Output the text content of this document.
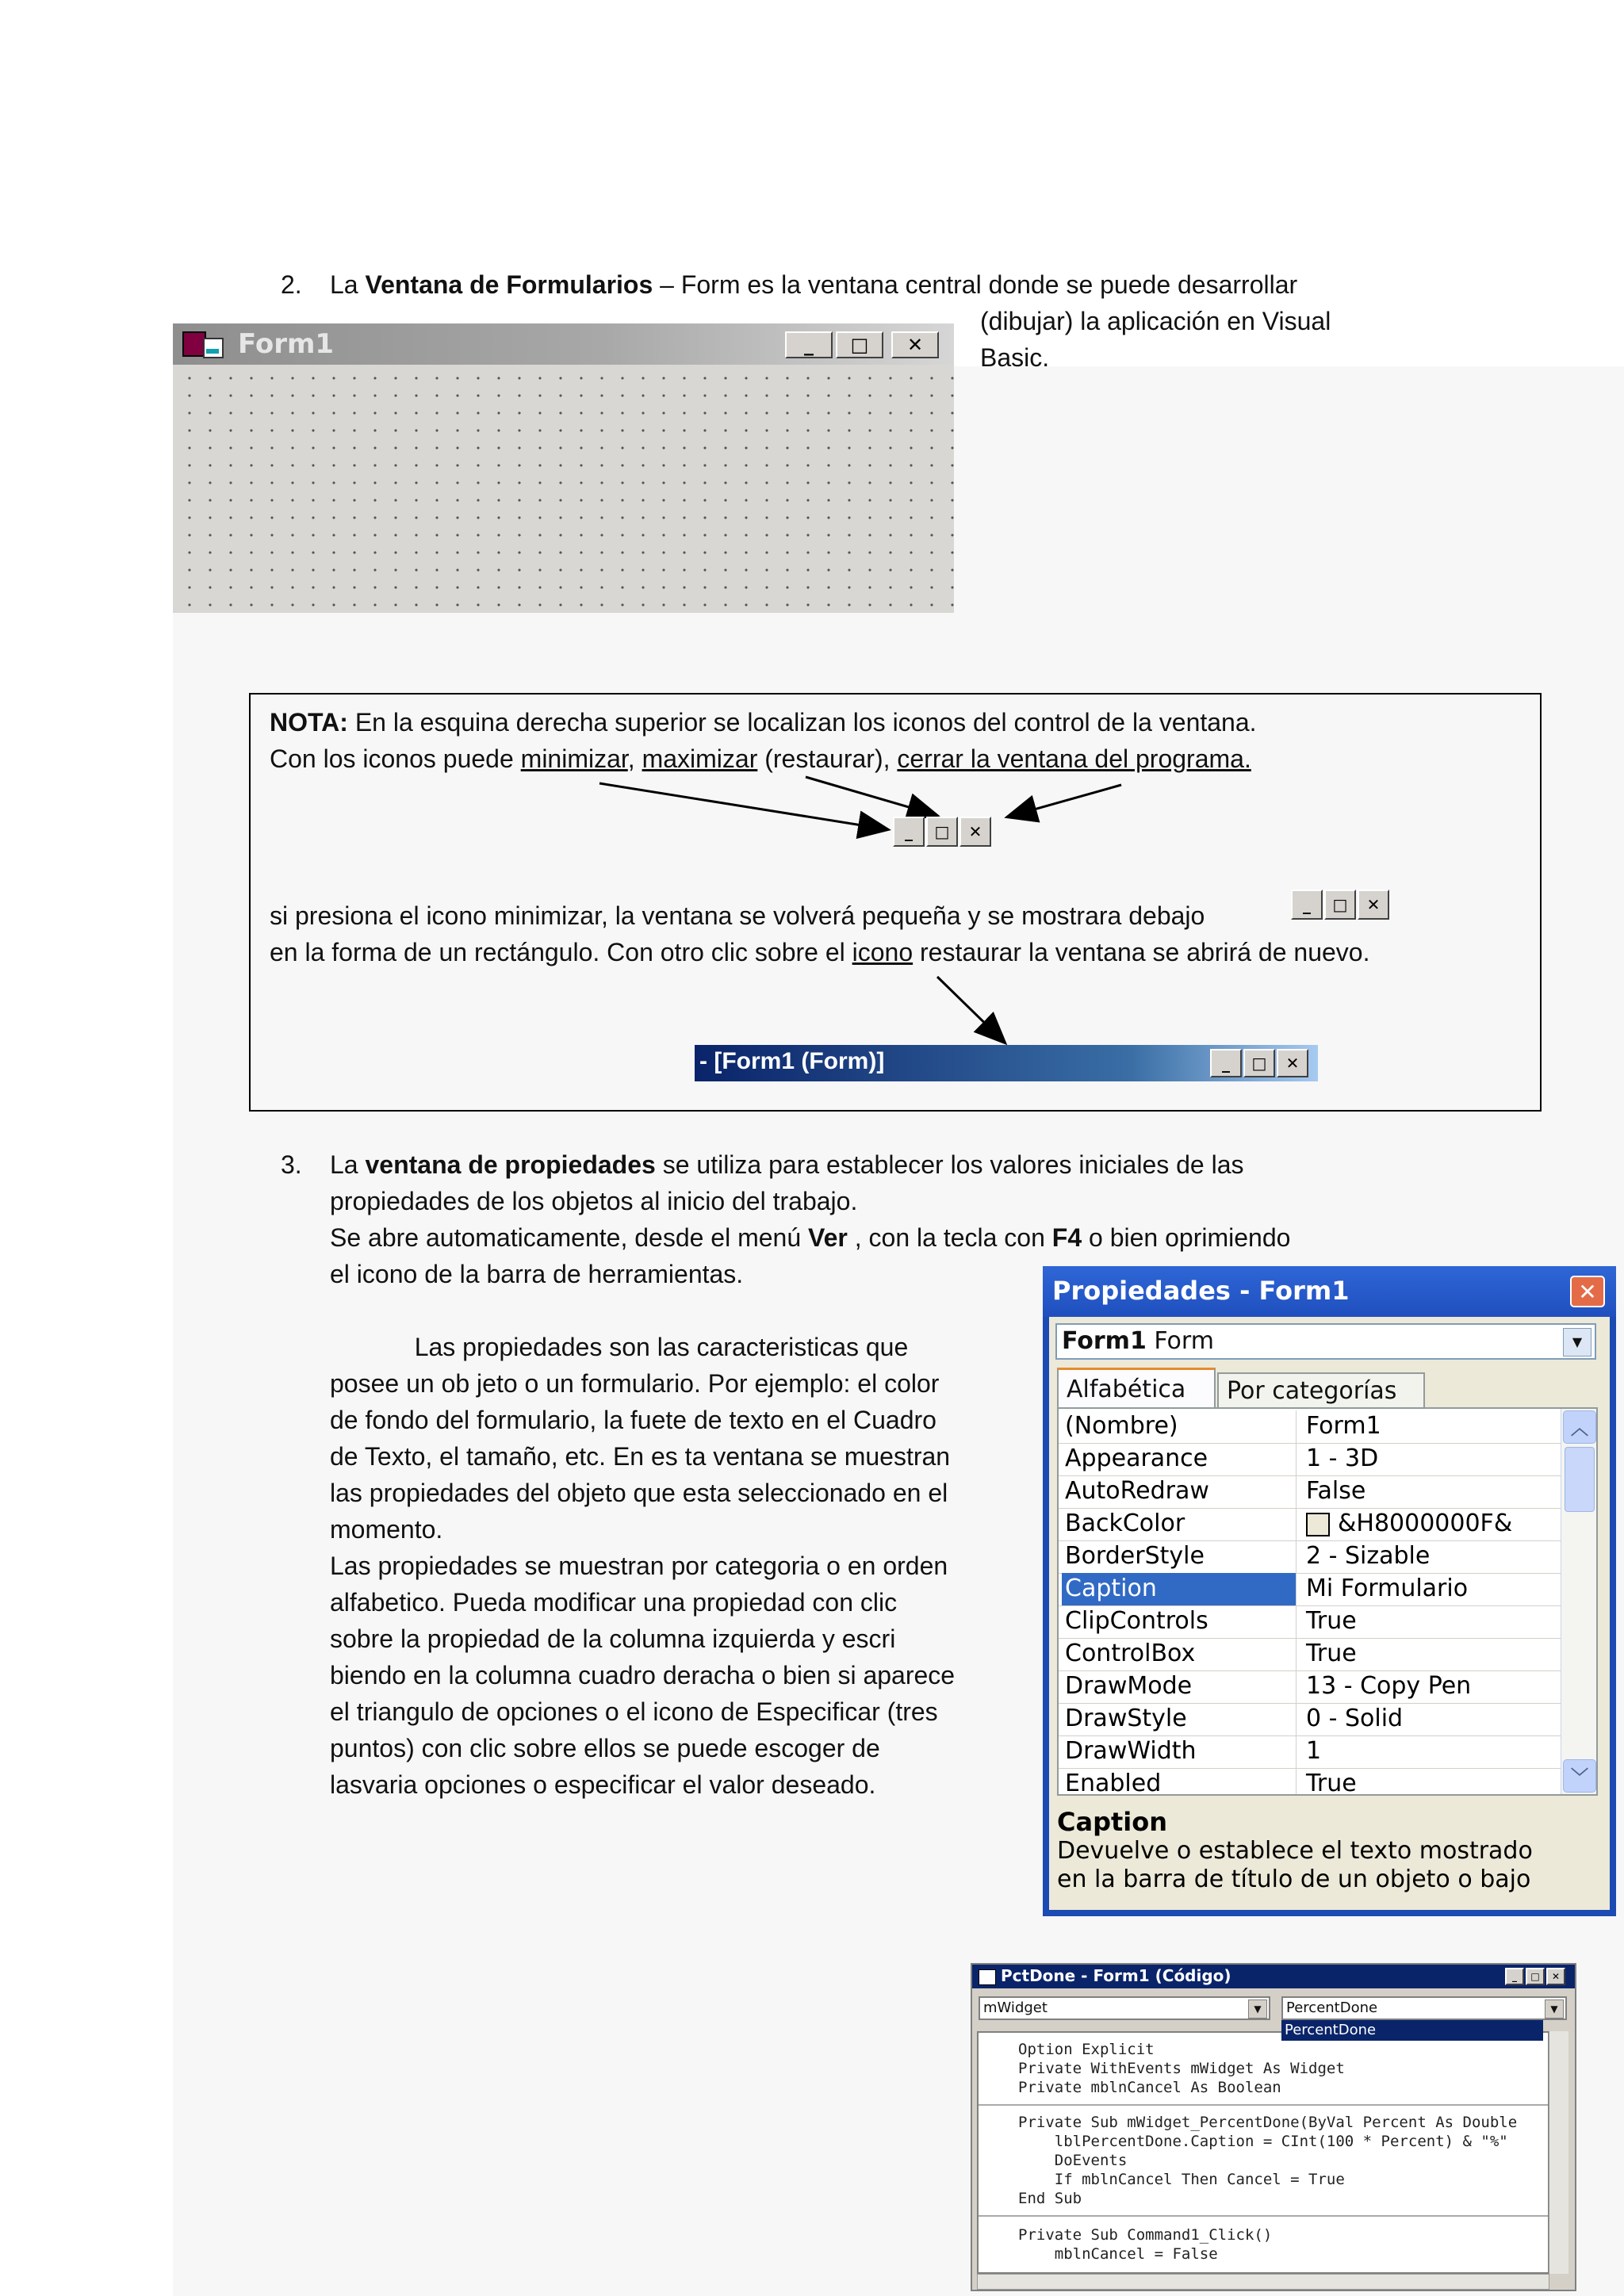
2. La Ventana de Formularios – Form es la ventana central donde se puede desarrollar
(dibujar) la aplicación en Visual
Basic.
Form1	_ □ ✕
NOTA: En la esquina derecha superior se localizan los iconos del control de la ventana.
Con los iconos puede minimizar, maximizar (restaurar), cerrar la ventana del programa.
_	□	✕
si presiona el icono minimizar, la ventana se volverá pequeña y se mostrara debajo	_	□	✕
en la forma de un rectángulo. Con otro clic sobre el icono restaurar la ventana se abrirá de nuevo.
- [Form1 (Form)]	_	□	✕
3. La ventana de propiedades se utiliza para establecer los valores iniciales de las
propiedades de los objetos al inicio del trabajo.
Se abre automaticamente, desde el menú Ver , con la tecla con F4 o bien oprimiendo
el icono de la barra de herramientas.
Las propiedades son las caracteristicas que
posee un ob jeto o un formulario. Por ejemplo: el color
de fondo del formulario, la fuete de texto en el Cuadro
de Texto, el tamaño, etc. En es ta ventana se muestran
las propiedades del objeto que esta seleccionado en el
momento.
Las propiedades se muestran por categoria o en orden
alfabetico. Pueda modificar una propiedad con clic
sobre la propiedad de la columna izquierda y escri
biendo en la columna cuadro deracha o bien si aparece
el triangulo de opciones o el icono de Especificar (tres
puntos) con clic sobre ellos se puede escoger de
lasvaria opciones o especificar el valor deseado.
Propiedades - Form1	✕
Form1 Form	▼
Alfabética	Por categorías
(Nombre)	Form1
Appearance	1 - 3D
AutoRedraw	False
BackColor	&H8000000F&
BorderStyle	2 - Sizable
Caption	Mi Formulario
ClipControls	True
ControlBox	True
DrawMode	13 - Copy Pen
DrawStyle	0 - Solid
DrawWidth	1
Enabled	True
︿
﹀
Caption
Devuelve o establece el texto mostrado
en la barra de título de un objeto o bajo
PctDone - Form1 (Código)	_	□	✕
mWidget	▼	PercentDone	▼
Option Explicit
Private WithEvents mWidget As Widget
Private mblnCancel As Boolean
Private Sub mWidget_PercentDone(ByVal Percent As Double
lblPercentDone.Caption = CInt(100 * Percent) & "%"
DoEvents
If mblnCancel Then Cancel = True
End Sub
Private Sub Command1_Click()
mblnCancel = False
PercentDone
